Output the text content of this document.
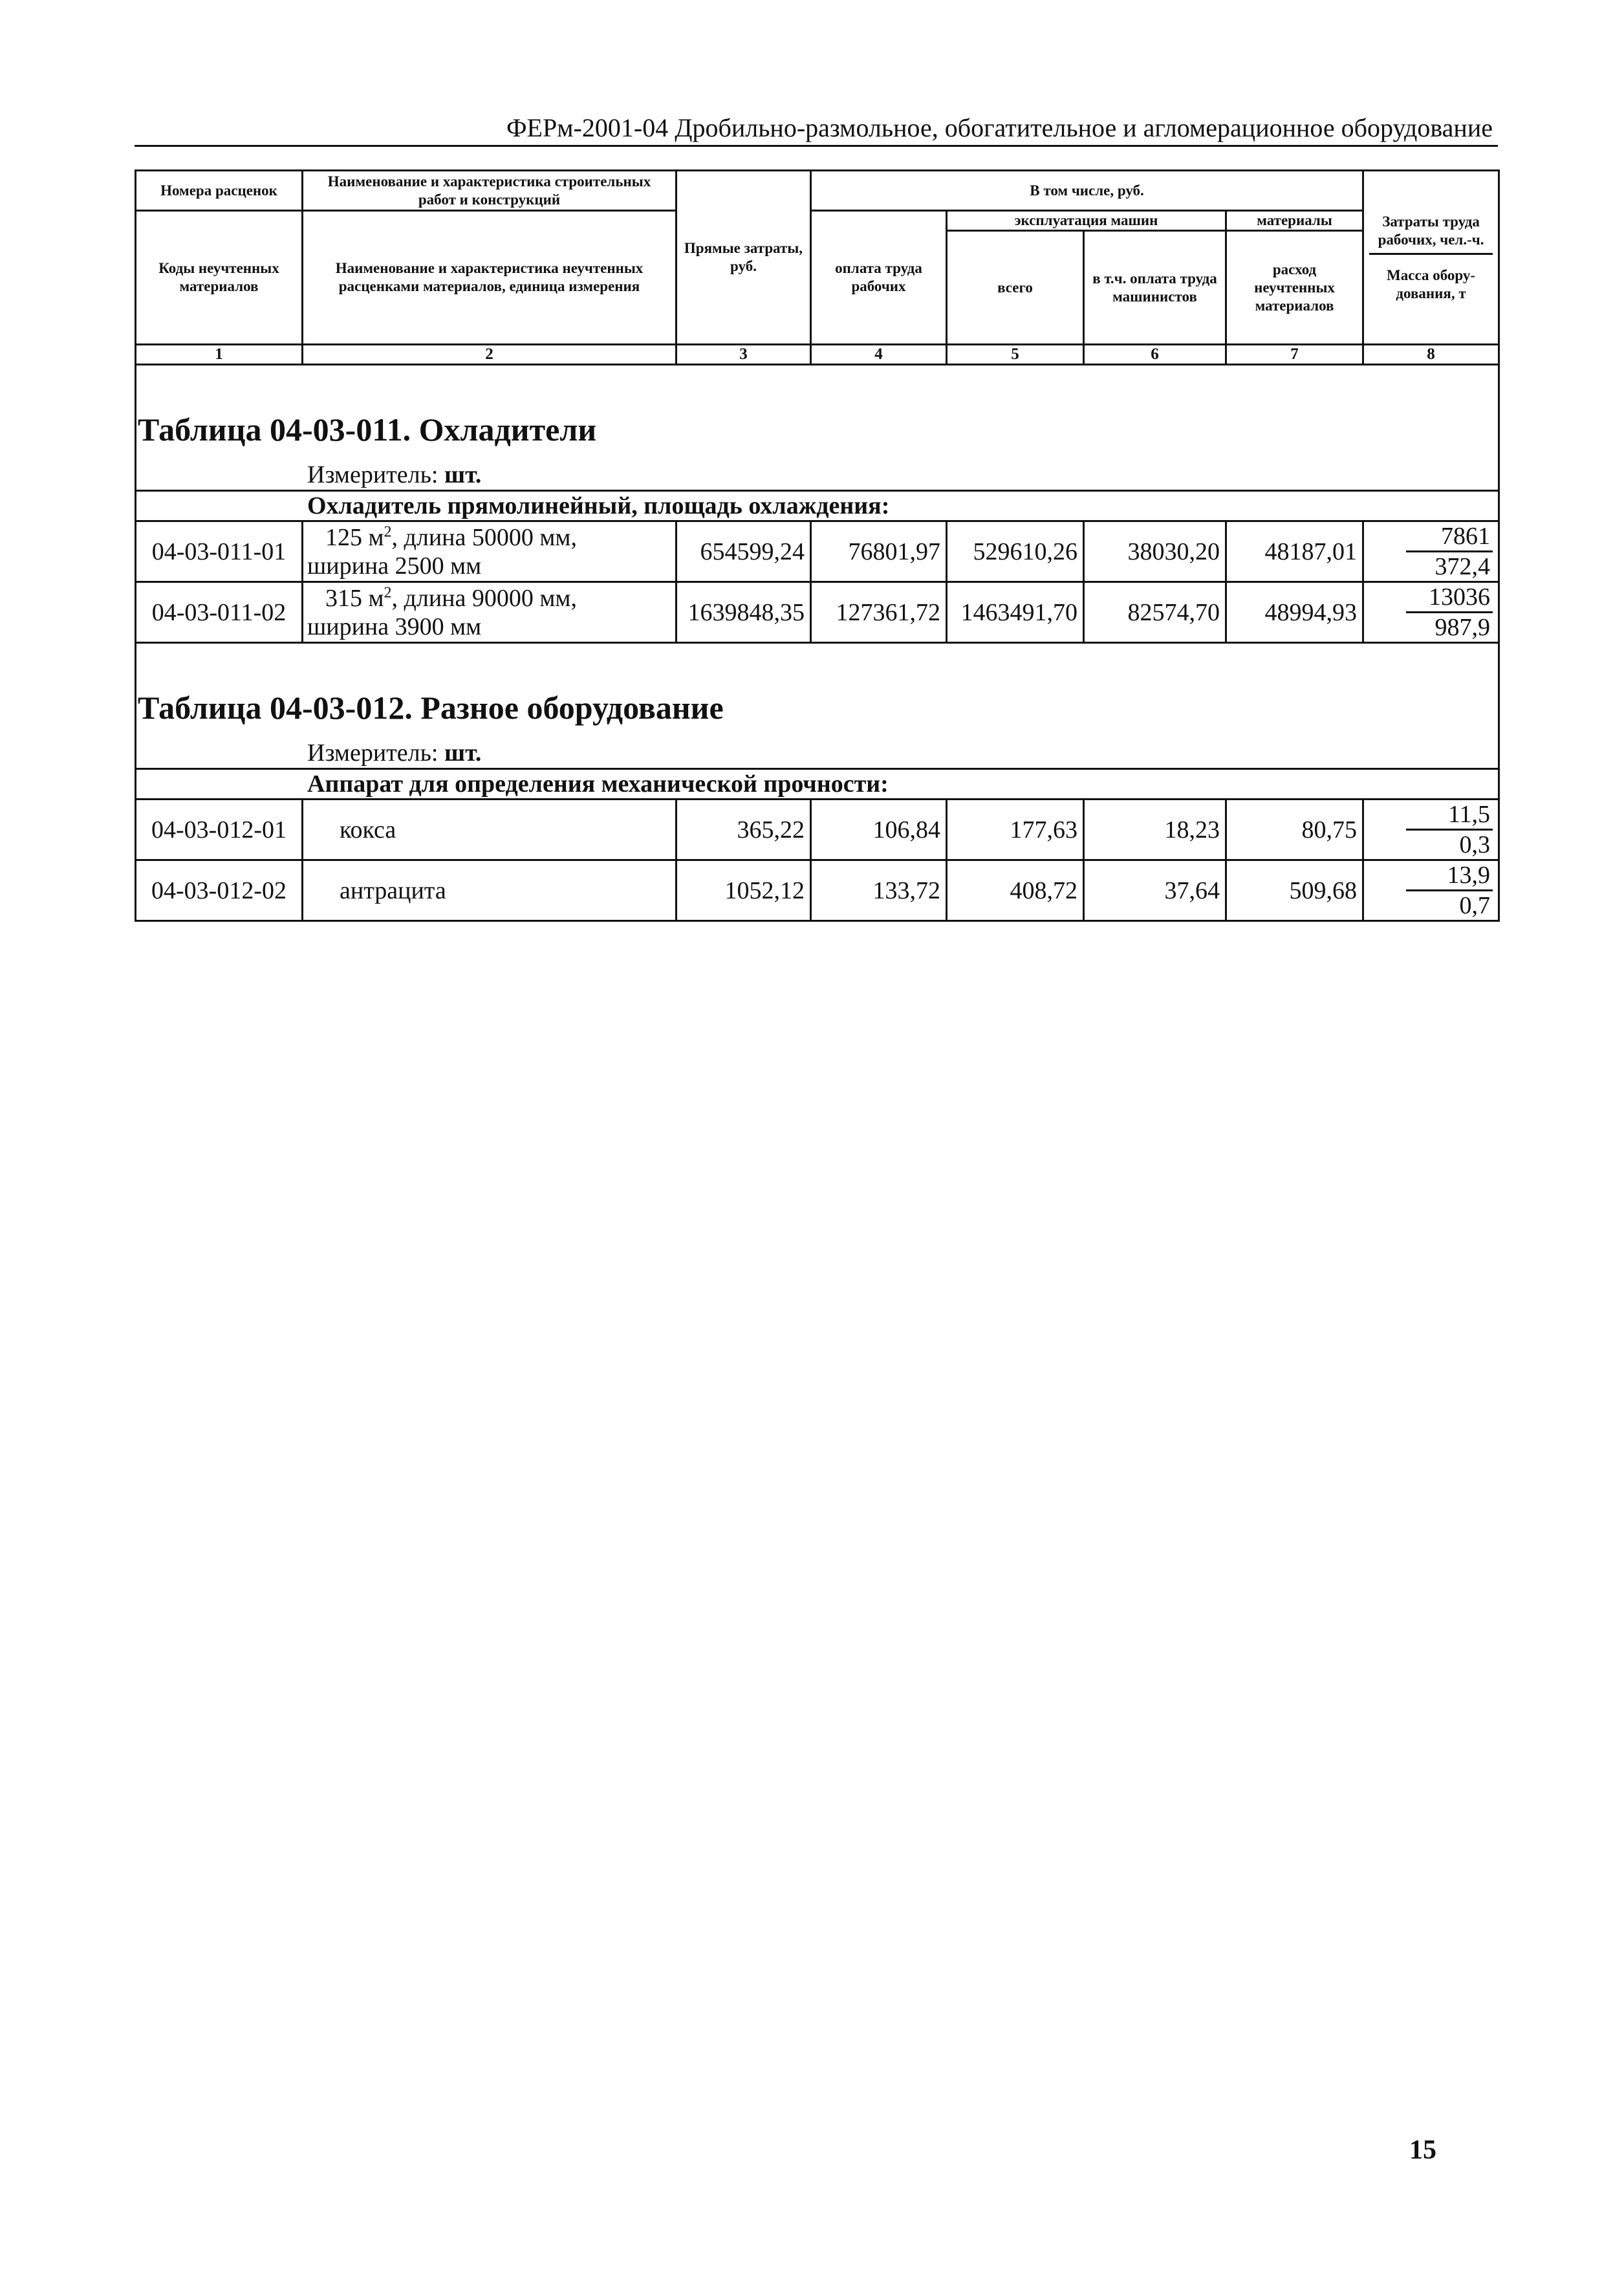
ФЕРм-2001-04 Дробильно-размольное, обогатительное и агломерационное оборудование
Номера расценок	Наименование и характеристика строительных работ и конструкций	Прямые затраты, руб.	В том числе, руб.				Затраты труда рабочих, чел.-ч.
Масса обору-дования, т

Коды неучтенных материалов	Наименование и характеристика неучтенных расценками материалов, единица измерения		оплата труда рабочих	эксплуатация машин		материалы	
				всего	в т.ч. оплата труда машинистов	расход неучтенных материалов	
1	2	3	4	5	6	7	8
Таблица 04-03-011. Охладители							
Измеритель: шт.							
Охладитель прямолинейный, площадь охлаждения:							
04-03-011-01	125 $м^2$, длина 50000 мм,
ширина 2500 мм	654599,24	76801,97	529610,26	38030,20	48187,01	7861
372,4

04-03-011-02	315 $м^2$, длина 90000 мм,
ширина 3900 мм	1639848,35	127361,72	1463491,70	82574,70	48994,93	13036
987,9

Таблица 04-03-012. Разное оборудование							
Измеритель: шт.							
Аппарат для определения механической прочности:							
04-03-012-01	кокса	365,22	106,84	177,63	18,23	80,75	11,5
0,3

04-03-012-02	антрацита	1052,12	133,72	408,72	37,64	509,68	13,9
0,7
15
